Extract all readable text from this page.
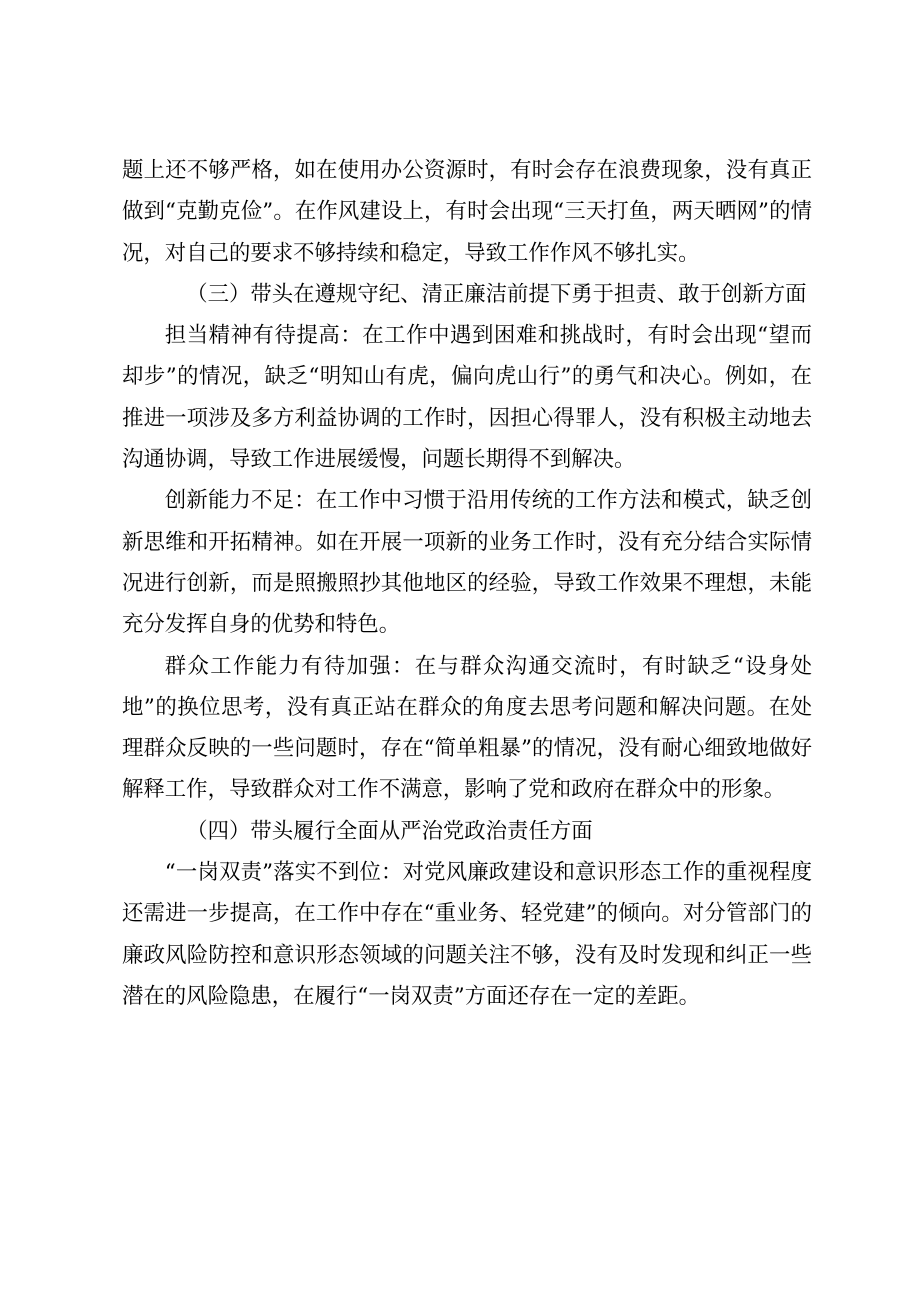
题上还不够严格，如在使用办公资源时，有时会存在浪费现象，没有真正做到“克勤克俭”。在作风建设上，有时会出现“三天打鱼，两天晒网”的情况，对自己的要求不够持续和稳定，导致工作作风不够扎实。

（三）带头在遵规守纪、清正廉洁前提下勇于担责、敢于创新方面

担当精神有待提高：在工作中遇到困难和挑战时，有时会出现“望而却步”的情况，缺乏“明知山有虎，偏向虎山行”的勇气和决心。例如，在推进一项涉及多方利益协调的工作时，因担心得罪人，没有积极主动地去沟通协调，导致工作进展缓慢，问题长期得不到解决。

创新能力不足：在工作中习惯于沿用传统的工作方法和模式，缺乏创新思维和开拓精神。如在开展一项新的业务工作时，没有充分结合实际情况进行创新，而是照搬照抄其他地区的经验，导致工作效果不理想，未能充分发挥自身的优势和特色。

群众工作能力有待加强：在与群众沟通交流时，有时缺乏“设身处地”的换位思考，没有真正站在群众的角度去思考问题和解决问题。在处理群众反映的一些问题时，存在“简单粗暴”的情况，没有耐心细致地做好解释工作，导致群众对工作不满意，影响了党和政府在群众中的形象。

（四）带头履行全面从严治党政治责任方面

“一岗双责”落实不到位：对党风廉政建设和意识形态工作的重视程度还需进一步提高，在工作中存在“重业务、轻党建”的倾向。对分管部门的廉政风险防控和意识形态领域的问题关注不够，没有及时发现和纠正一些潜在的风险隐患，在履行“一岗双责”方面还存在一定的差距。
